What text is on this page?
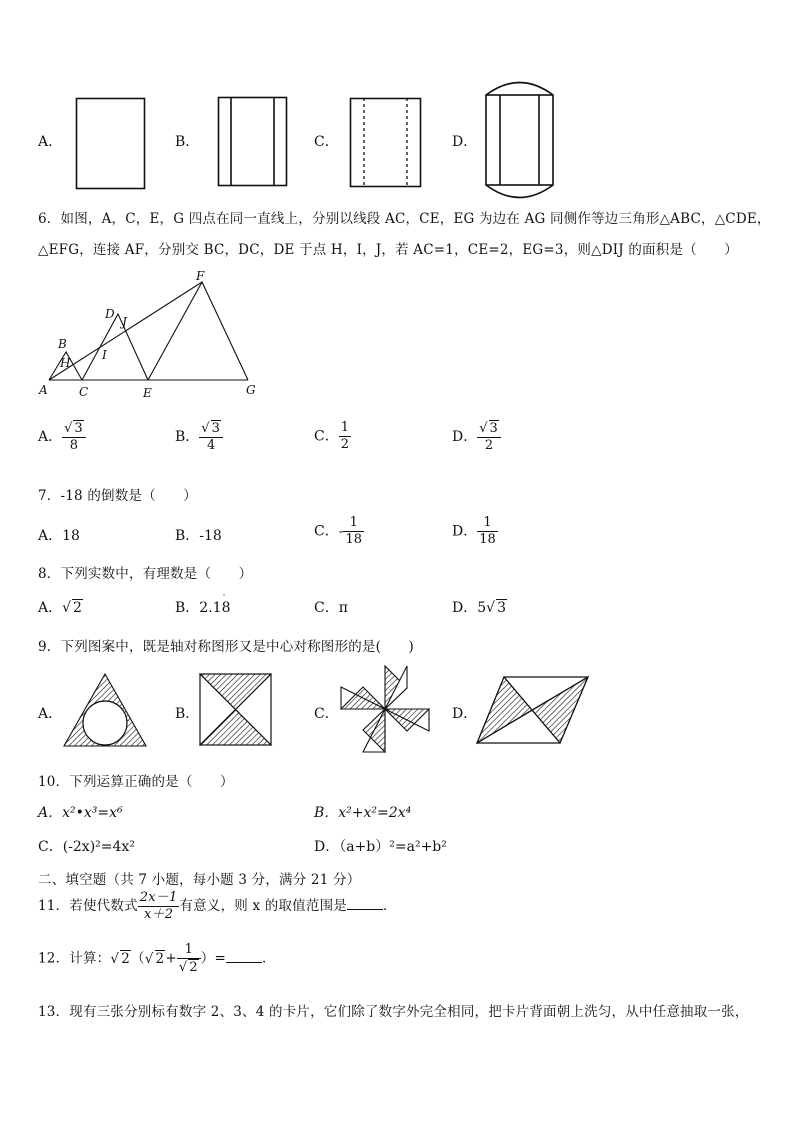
A．	B．	C．	D．
6．如图，A，C，E，G 四点在同一直线上，分别以线段 AC，CE，EG 为边在 AG 同侧作等边三角形△ABC，△CDE，
△EFG，连接 AF，分别交 BC，DC，DE 于点 H，I，J，若 AC=1，CE=2，EG=3，则△DIJ 的面积是（　　）
A
B
C
D
E
F
G
H
I
J
A． √ $\frac{3}{8}$	B． √ $\frac{3}{4}$	C． $\frac{1}{2}$	D． √ $\frac{3}{2}$
7．-18 的倒数是（　　）
A．18	B．-18	C．- $\frac{1}{18}$	D． $\frac{1}{18}$
8．下列实数中，有理数是（　　）
A． √ 2	B．2.1
·
8	C．π	D．5 √ 3
9．下列图案中，既是轴对称图形又是中心对称图形的是(　　)
A．	B．	C．	D．
10．下列运算正确的是（　　）
A．x²•x³=x⁶	B．x²+x²=2x⁴
C．(-2x)²=4x²	D．（a+b）²=a²+b²
二、填空题（共 7 小题，每小题 3 分，满分 21 分）
11．若使代数式 $\frac{2x-1}{x+2}$ 有意义，则 x 的取值范围是	．
12．计算： √ 2（ √ 2+ 1
√ 2 ）=	．
13．现有三张分别标有数字 2、3、4 的卡片，它们除了数字外完全相同，把卡片背面朝上洗匀，从中任意抽取一张，
